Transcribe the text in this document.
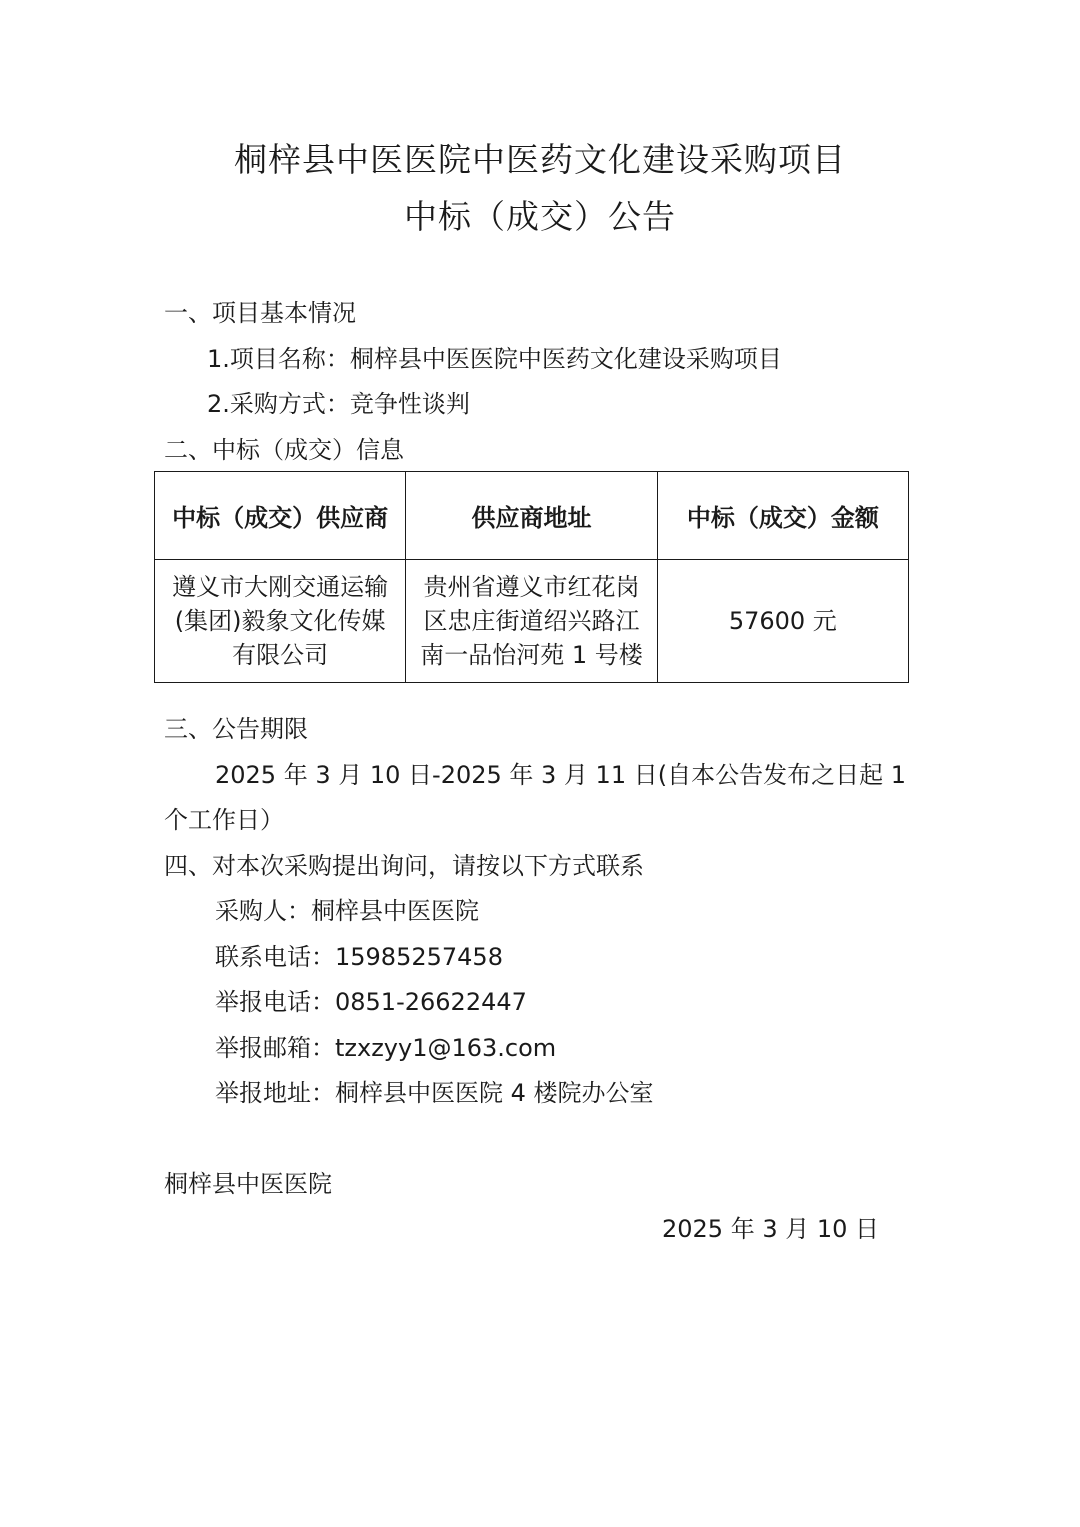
桐梓县中医医院中医药文化建设采购项目
中标（成交）公告
一、项目基本情况
1.项目名称：桐梓县中医医院中医药文化建设采购项目
2.采购方式：竞争性谈判
二、中标（成交）信息
中标（成交）供应商	供应商地址	中标（成交）金额
遵义市大刚交通运输(集团)毅象文化传媒有限公司	贵州省遵义市红花岗区忠庄街道绍兴路江南一品怡河苑 1 号楼	57600 元
三、公告期限
2025 年 3 月 10 日-2025 年 3 月 11 日(自本公告发布之日起 1
个工作日）
四、对本次采购提出询问，请按以下方式联系
采购人：桐梓县中医医院
联系电话：15985257458
举报电话：0851-26622447
举报邮箱：tzxzyy1@163.com
举报地址：桐梓县中医医院 4 楼院办公室
桐梓县中医医院
2025 年 3 月 10 日
